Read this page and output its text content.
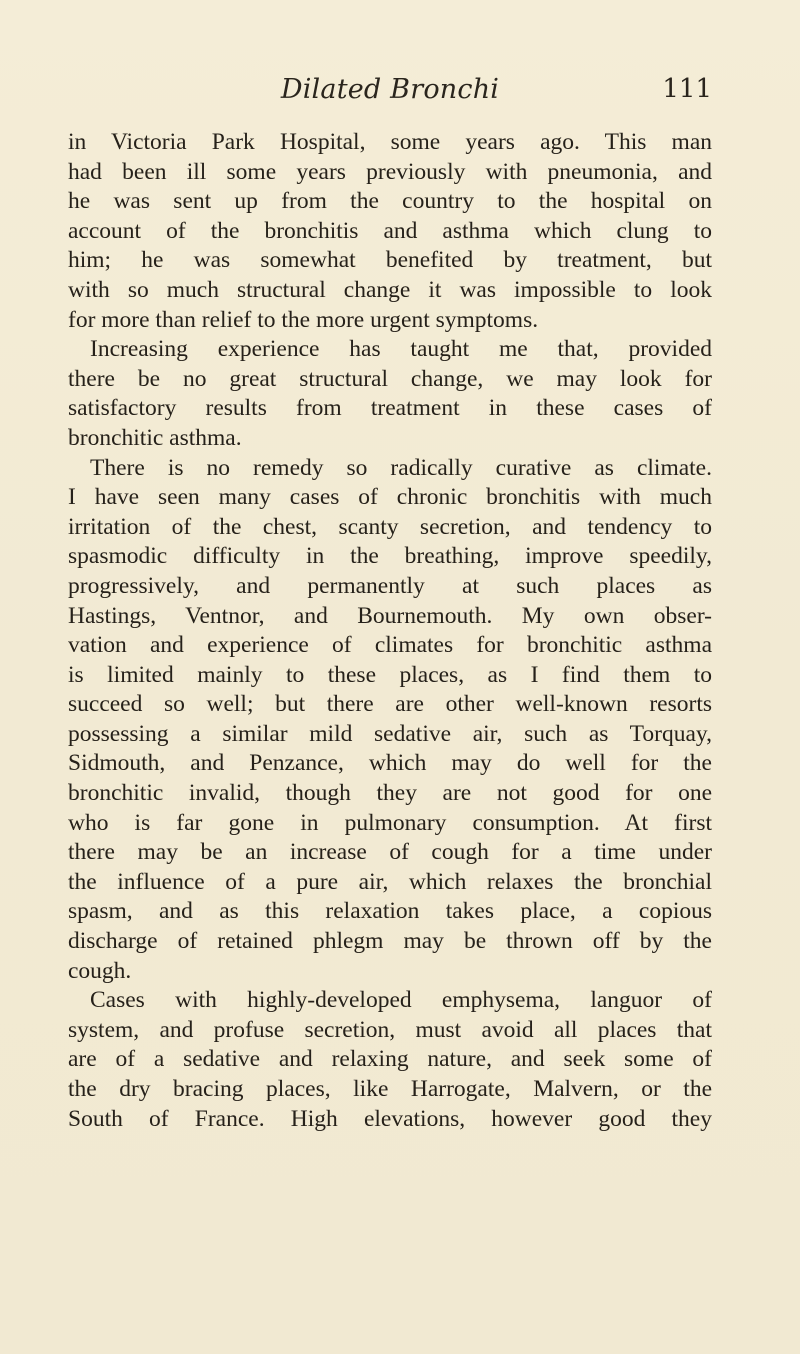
Dilated Bronchi	111
in Victoria Park Hospital, some years ago. This man
had been ill some years previously with pneumonia, and
he was sent up from the country to the hospital on
account of the bronchitis and asthma which clung to
him; he was somewhat benefited by treatment, but
with so much structural change it was impossible to look
for more than relief to the more urgent symptoms.
Increasing experience has taught me that, provided
there be no great structural change, we may look for
satisfactory results from treatment in these cases of
bronchitic asthma.
There is no remedy so radically curative as climate.
I have seen many cases of chronic bronchitis with much
irritation of the chest, scanty secretion, and tendency to
spasmodic difficulty in the breathing, improve speedily,
progressively, and permanently at such places as
Hastings, Ventnor, and Bournemouth. My own obser-
vation and experience of climates for bronchitic asthma
is limited mainly to these places, as I find them to
succeed so well; but there are other well-known resorts
possessing a similar mild sedative air, such as Torquay,
Sidmouth, and Penzance, which may do well for the
bronchitic invalid, though they are not good for one
who is far gone in pulmonary consumption. At first
there may be an increase of cough for a time under
the influence of a pure air, which relaxes the bronchial
spasm, and as this relaxation takes place, a copious
discharge of retained phlegm may be thrown off by the
cough.
Cases with highly-developed emphysema, languor of
system, and profuse secretion, must avoid all places that
are of a sedative and relaxing nature, and seek some of
the dry bracing places, like Harrogate, Malvern, or the
South of France. High elevations, however good they
